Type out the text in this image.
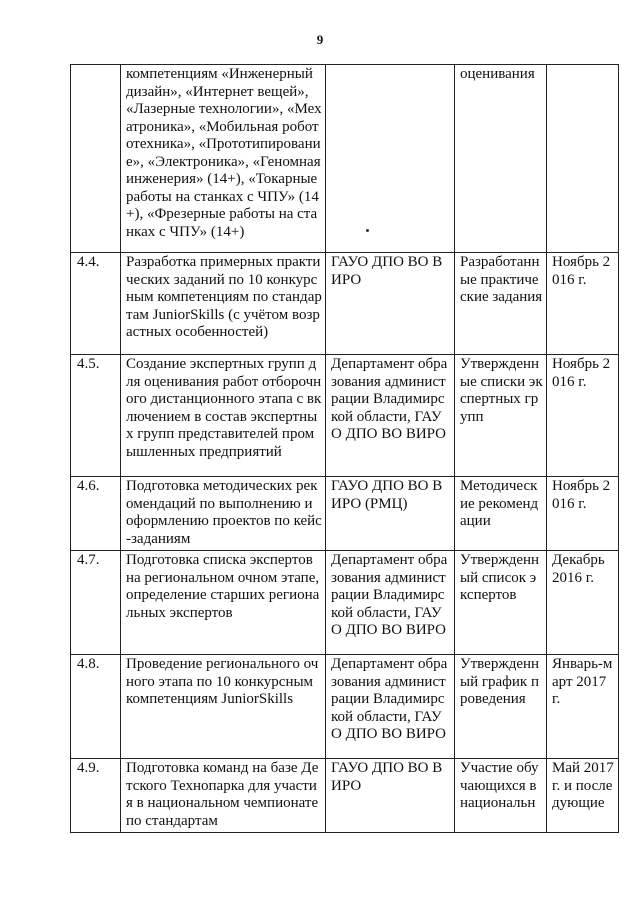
9
	компетенциям «Инженерный дизайн», «Интернет вещей», «Лазерные технологии», «Мехатроника», «Мобильная робототехника», «Прототипирование», «Электроника», «Геномная инженерия» (14+), «Токарные работы на станках с ЧПУ» (14+), «Фрезерные работы на станках с ЧПУ» (14+)		оценивания	
4.4.	Разработка примерных практических заданий по 10 конкурсным компетенциям по стандартам JuniorSkills (с учётом возрастных особенностей)	ГАУО ДПО ВО ВИРО	Разработанные практические задания	Ноябрь 2016 г.
4.5.	Создание экспертных групп для оценивания работ отборочного дистанционного этапа с включением в состав экспертных групп представителей промышленных предприятий	Департамент образования администрации Владимирской области, ГАУО ДПО ВО ВИРО	Утвержденные списки экспертных групп	Ноябрь 2016 г.
4.6.	Подготовка методических рекомендаций по выполнению и оформлению проектов по кейс-заданиям	ГАУО ДПО ВО ВИРО (РМЦ)	Методические рекомендации	Ноябрь 2016 г.
4.7.	Подготовка списка экспертов на региональном очном этапе, определение старших региональных экспертов	Департамент образования администрации Владимирской области, ГАУО ДПО ВО ВИРО	Утвержденный список экспертов	Декабрь 2016 г.
4.8.	Проведение регионального очного этапа по 10 конкурсным компетенциям JuniorSkills	Департамент образования администрации Владимирской области, ГАУО ДПО ВО ВИРО	Утвержденный график проведения	Январь-март 2017 г.
4.9.	Подготовка команд на базе Детского Технопарка для участия в национальном чемпионате по стандартам	ГАУО ДПО ВО ВИРО	Участие обучающихся в национальн	Май 2017 г. и последующие
